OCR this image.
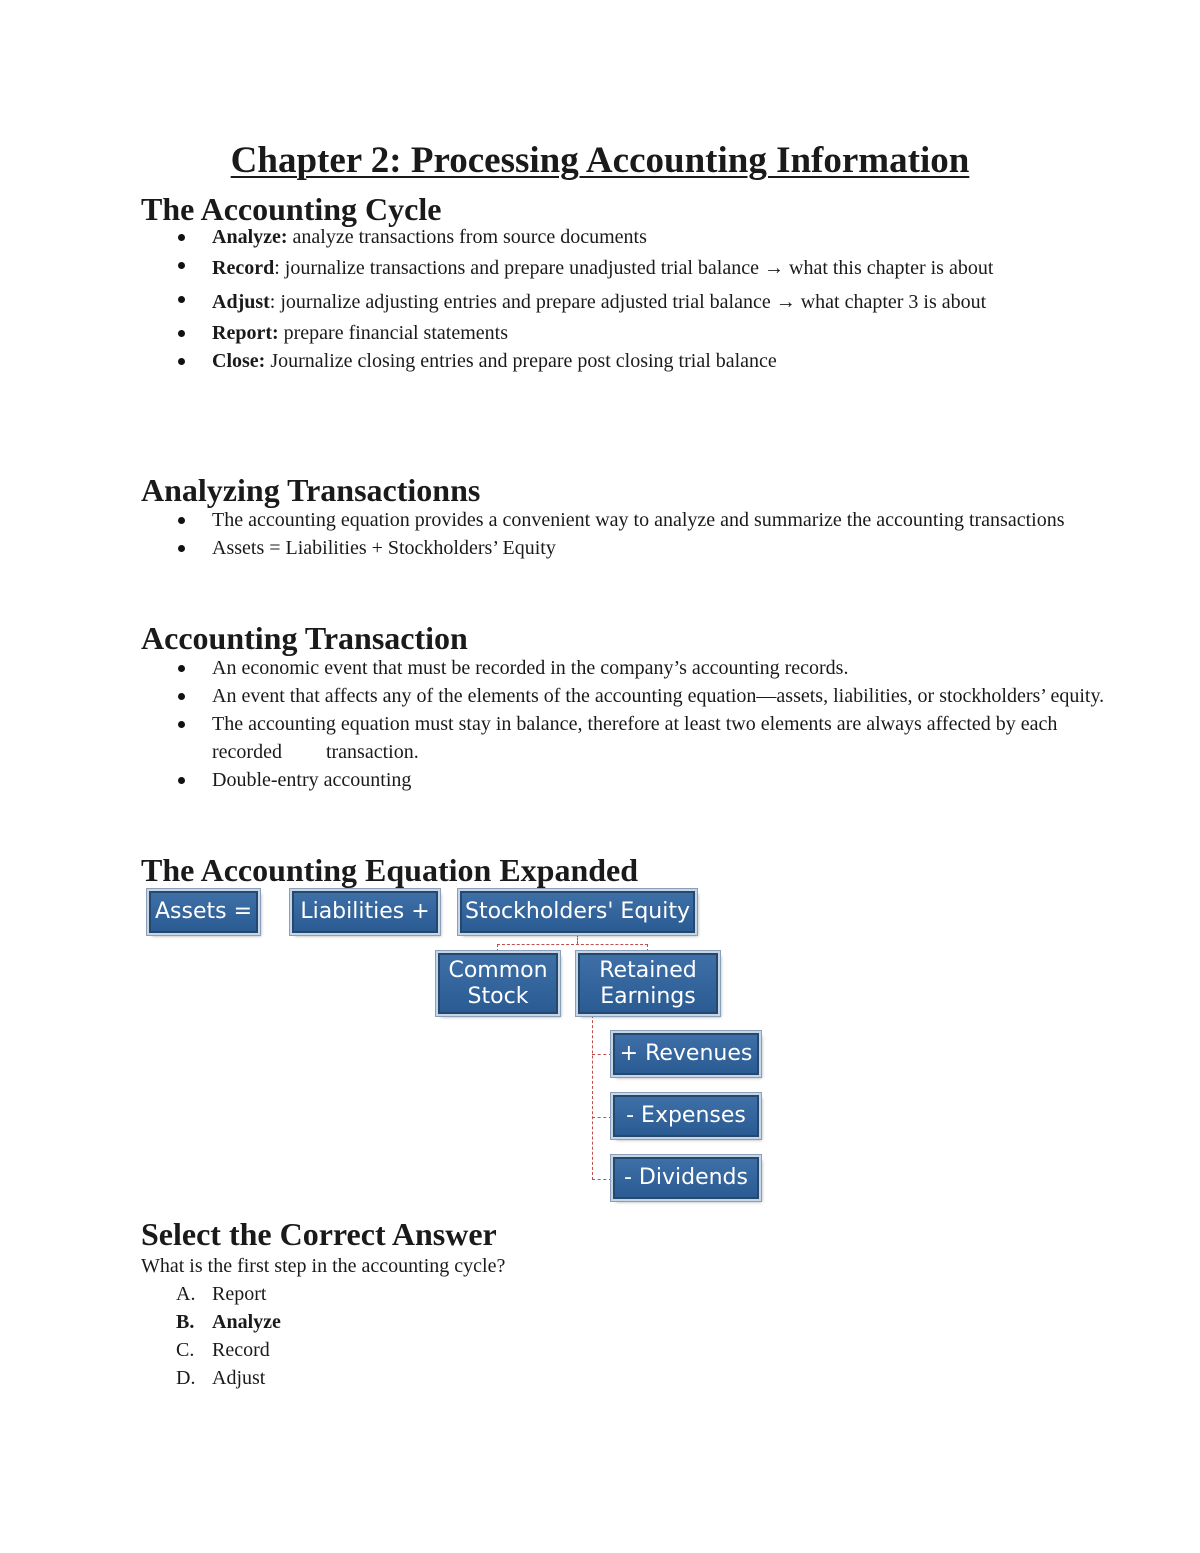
Chapter 2: Processing Accounting Information
The Accounting Cycle
Analyze: analyze transactions from source documents
Record: journalize transactions and prepare unadjusted trial balance → what this chapter is about
Adjust: journalize adjusting entries and prepare adjusted trial balance → what chapter 3 is about
Report: prepare financial statements
Close: Journalize closing entries and prepare post closing trial balance
Analyzing Transactionns
The accounting equation provides a convenient way to analyze and summarize the accounting transactions
Assets = Liabilities + Stockholders’ Equity
Accounting Transaction
An economic event that must be recorded in the company’s accounting records.
An event that affects any of the elements of the accounting equation—assets, liabilities, or stockholders’ equity.
The accounting equation must stay in balance, therefore at least two elements are always affected by each recorded transaction.
Double-entry accounting
The Accounting Equation Expanded
Assets =	Liabilities +	Stockholders' Equity
Common Stock
Retained Earnings
+ Revenues
- Expenses
- Dividends
Select the Correct Answer

What is the first step in the accounting cycle?

A. Report
B. Analyze
C. Record
D. Adjust
